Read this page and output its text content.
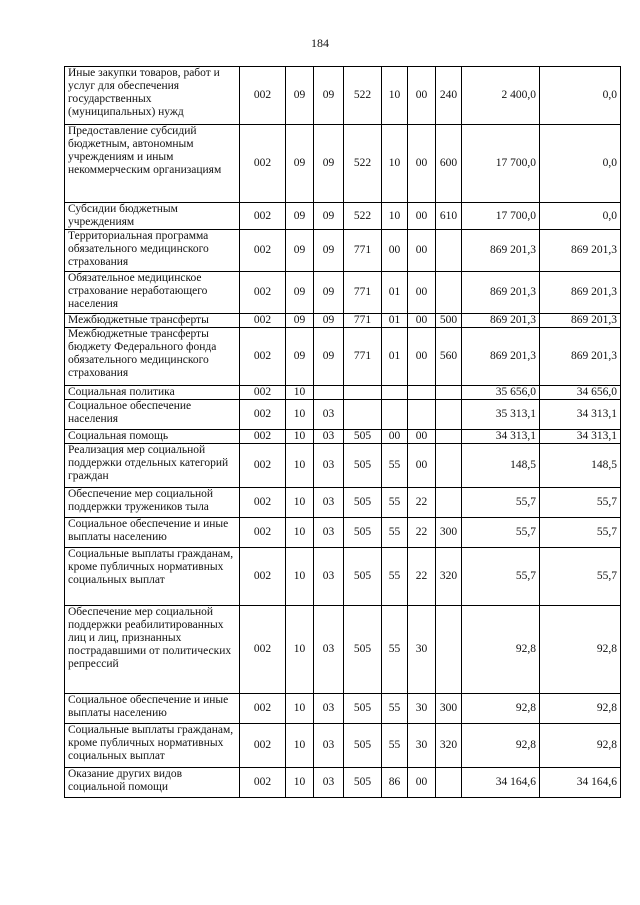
184
Иные закупки товаров, работ и услуг для обеспечения государственных (муниципальных) нужд	002	09	09	522	10	00	240	2 400,0	0,0
Предоставление субсидий бюджетным, автономным учреждениям и иным некоммерческим организациям	002	09	09	522	10	00	600	17 700,0	0,0
Субсидии бюджетным учреждениям	002	09	09	522	10	00	610	17 700,0	0,0
Территориальная программа обязательного медицинского страхования	002	09	09	771	00	00		869 201,3	869 201,3
Обязательное медицинское страхование неработающего населения	002	09	09	771	01	00		869 201,3	869 201,3
Межбюджетные трансферты	002	09	09	771	01	00	500	869 201,3	869 201,3
Межбюджетные трансферты бюджету Федерального фонда обязательного медицинского страхования	002	09	09	771	01	00	560	869 201,3	869 201,3
Социальная политика	002	10						35 656,0	34 656,0
Социальное обеспечение населения	002	10	03					35 313,1	34 313,1
Социальная помощь	002	10	03	505	00	00		34 313,1	34 313,1
Реализация мер социальной поддержки отдельных категорий граждан	002	10	03	505	55	00		148,5	148,5
Обеспечение мер социальной поддержки тружеников тыла	002	10	03	505	55	22		55,7	55,7
Социальное обеспечение и иные выплаты населению	002	10	03	505	55	22	300	55,7	55,7
Социальные выплаты гражданам, кроме публичных нормативных социальных выплат	002	10	03	505	55	22	320	55,7	55,7
Обеспечение мер социальной поддержки реабилитированных лиц и лиц, признанных пострадавшими от политических репрессий	002	10	03	505	55	30		92,8	92,8
Социальное обеспечение и иные выплаты населению	002	10	03	505	55	30	300	92,8	92,8
Социальные выплаты гражданам, кроме публичных нормативных социальных выплат	002	10	03	505	55	30	320	92,8	92,8
Оказание других видов социальной помощи	002	10	03	505	86	00		34 164,6	34 164,6
